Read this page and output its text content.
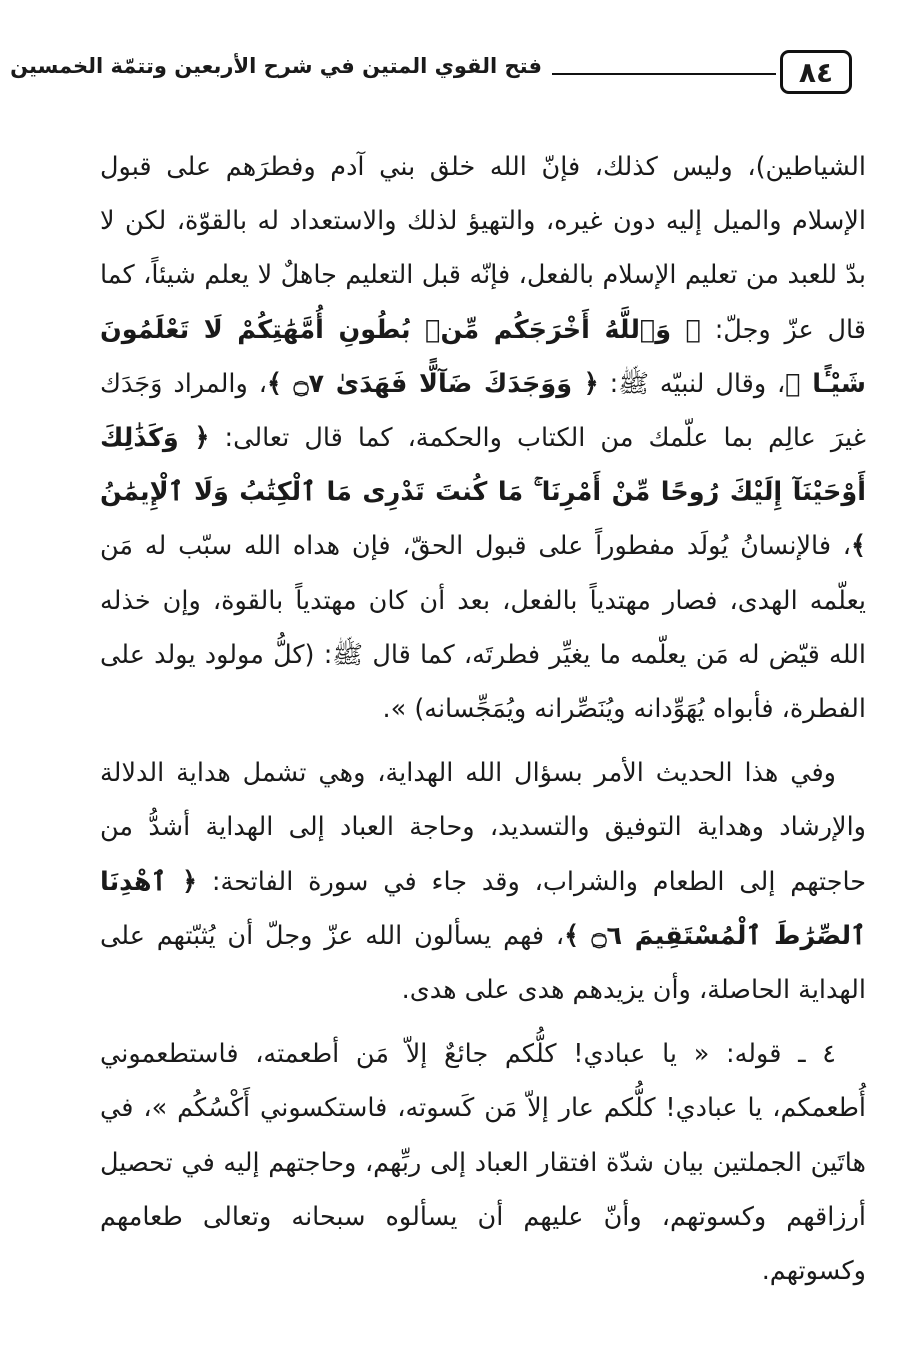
٨٤
فتح القوي المتين في شرح الأربعين وتتمّة الخمسين

الشياطين)، وليس كذلك، فإنّ الله خلق بني آدم وفطرَهم على قبول الإسلام والميل إليه دون غيره، والتهيؤ لذلك والاستعداد له بالقوّة، لكن لا بدّ للعبد من تعليم الإسلام بالفعل، فإنّه قبل التعليم جاهلٌ لا يعلم شيئاً، كما قال عزّ وجلّ: ﴿ وَٱللَّهُ أَخْرَجَكُم مِّنۢ بُطُونِ أُمَّهَٰتِكُمْ لَا تَعْلَمُونَ شَيْـًٔا ﴾، وقال لنبيّه ﷺ: ﴿ وَوَجَدَكَ ضَآلًّا فَهَدَىٰ ۝٧ ﴾، والمراد وَجَدَك غيرَ عالِم بما علّمك من الكتاب والحكمة، كما قال تعالى: ﴿ وَكَذَٰلِكَ أَوْحَيْنَآ إِلَيْكَ رُوحًا مِّنْ أَمْرِنَا ۚ مَا كُنتَ تَدْرِى مَا ٱلْكِتَٰبُ وَلَا ٱلْإِيمَٰنُ ﴾، فالإنسانُ يُولَد مفطوراً على قبول الحقّ، فإن هداه الله سبّب له مَن يعلّمه الهدى، فصار مهتدياً بالفعل، بعد أن كان مهتدياً بالقوة، وإن خذله الله قيّض له مَن يعلّمه ما يغيِّر فطرتَه، كما قال ﷺ: (كلُّ مولود يولد على الفطرة، فأبواه يُهَوِّدانه ويُنَصِّرانه ويُمَجِّسانه) ».

وفي هذا الحديث الأمر بسؤال الله الهداية، وهي تشمل هداية الدلالة والإرشاد وهداية التوفيق والتسديد، وحاجة العباد إلى الهداية أشدُّ من حاجتهم إلى الطعام والشراب، وقد جاء في سورة الفاتحة: ﴿ ٱهْدِنَا ٱلصِّرَٰطَ ٱلْمُسْتَقِيمَ ۝٦ ﴾، فهم يسألون الله عزّ وجلّ أن يُثبّتهم على الهداية الحاصلة، وأن يزيدهم هدى على هدى.

٤ ـ قوله: « يا عبادي! كلُّكم جائعٌ إلاّ مَن أطعمته، فاستطعموني أُطعمكم، يا عبادي! كلُّكم عار إلاّ مَن كَسوته، فاستكسوني أَكْسُكُم »، في هاتَين الجملتين بيان شدّة افتقار العباد إلى ربِّهم، وحاجتهم إليه في تحصيل أرزاقهم وكسوتهم، وأنّ عليهم أن يسألوه سبحانه وتعالى طعامهم وكسوتهم.
